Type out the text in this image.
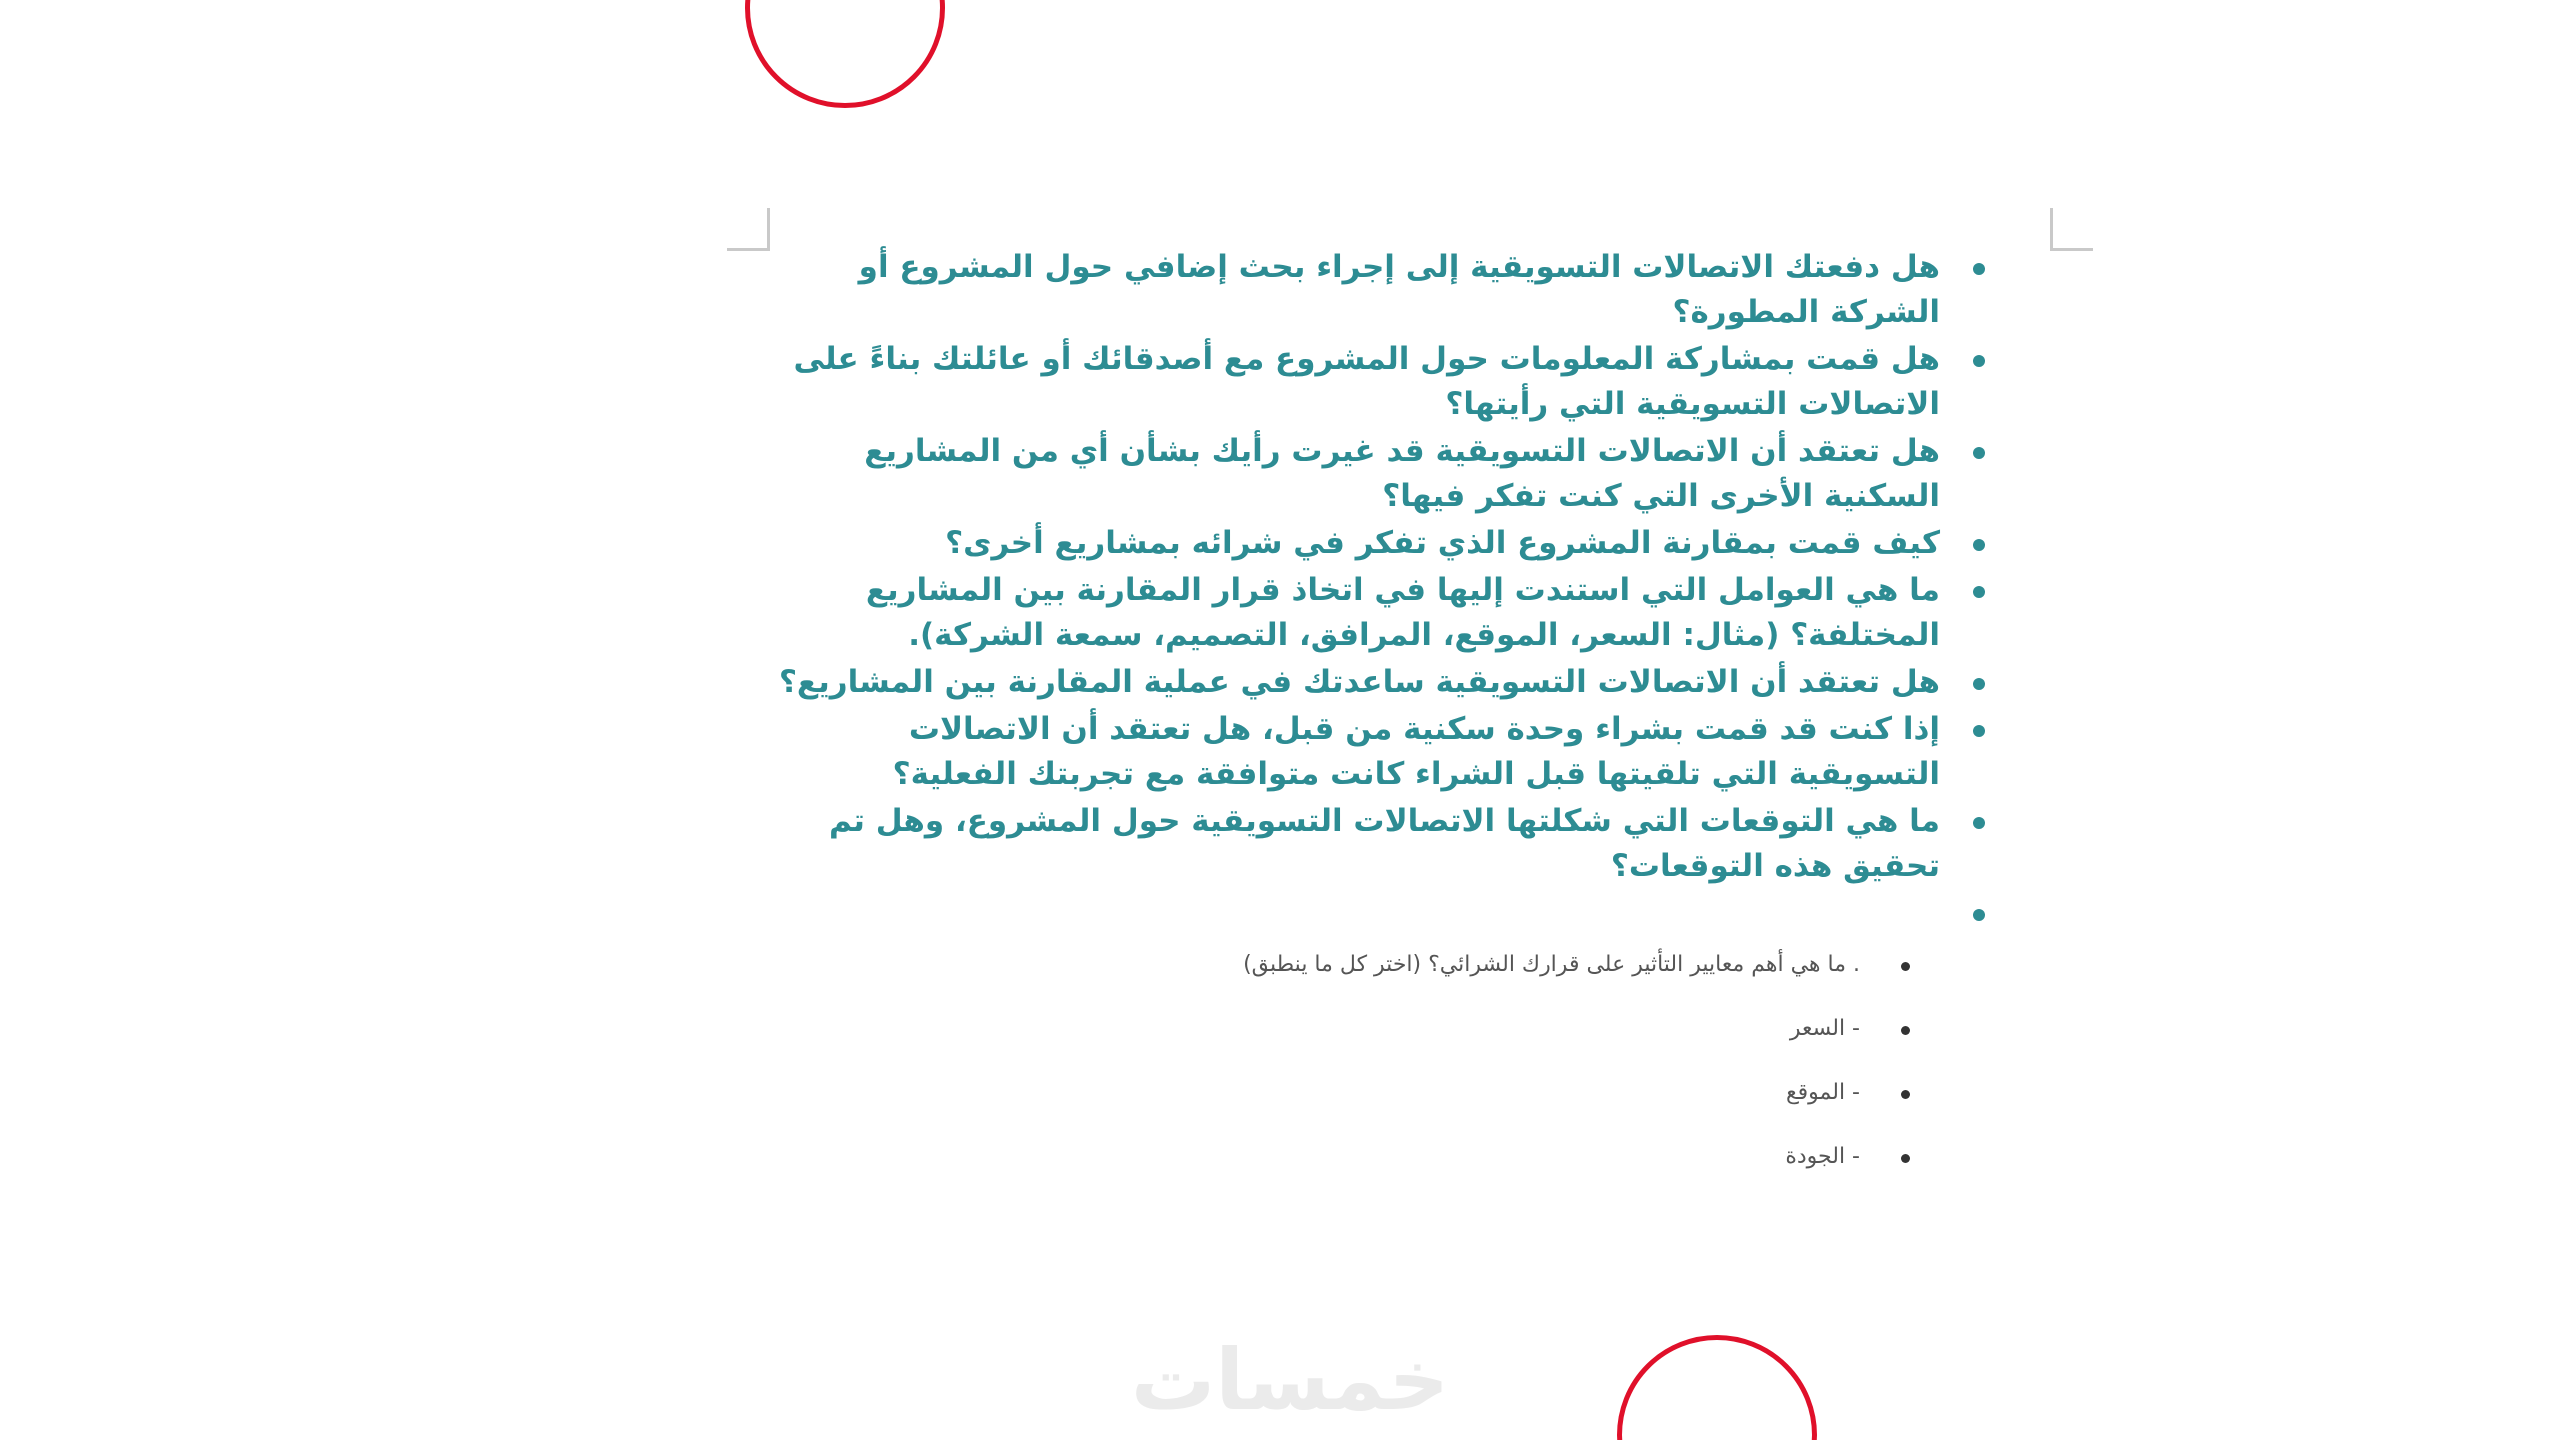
هل دفعتك الاتصالات التسويقية إلى إجراء بحث إضافي حول المشروع أو الشركة المطورة؟
هل قمت بمشاركة المعلومات حول المشروع مع أصدقائك أو عائلتك بناءً على الاتصالات التسويقية التي رأيتها؟
هل تعتقد أن الاتصالات التسويقية قد غيرت رأيك بشأن أي من المشاريع السكنية الأخرى التي كنت تفكر فيها؟
كيف قمت بمقارنة المشروع الذي تفكر في شرائه بمشاريع أخرى؟
ما هي العوامل التي استندت إليها في اتخاذ قرار المقارنة بين المشاريع المختلفة؟ (مثال: السعر، الموقع، المرافق، التصميم، سمعة الشركة).
هل تعتقد أن الاتصالات التسويقية ساعدتك في عملية المقارنة بين المشاريع؟
إذا كنت قد قمت بشراء وحدة سكنية من قبل، هل تعتقد أن الاتصالات التسويقية التي تلقيتها قبل الشراء كانت متوافقة مع تجربتك الفعلية؟
ما هي التوقعات التي شكلتها الاتصالات التسويقية حول المشروع، وهل تم تحقيق هذه التوقعات؟
. ما هي أهم معايير التأثير على قرارك الشرائي؟ (اختر كل ما ينطبق)
- السعر
- الموقع
- الجودة
خمسات
